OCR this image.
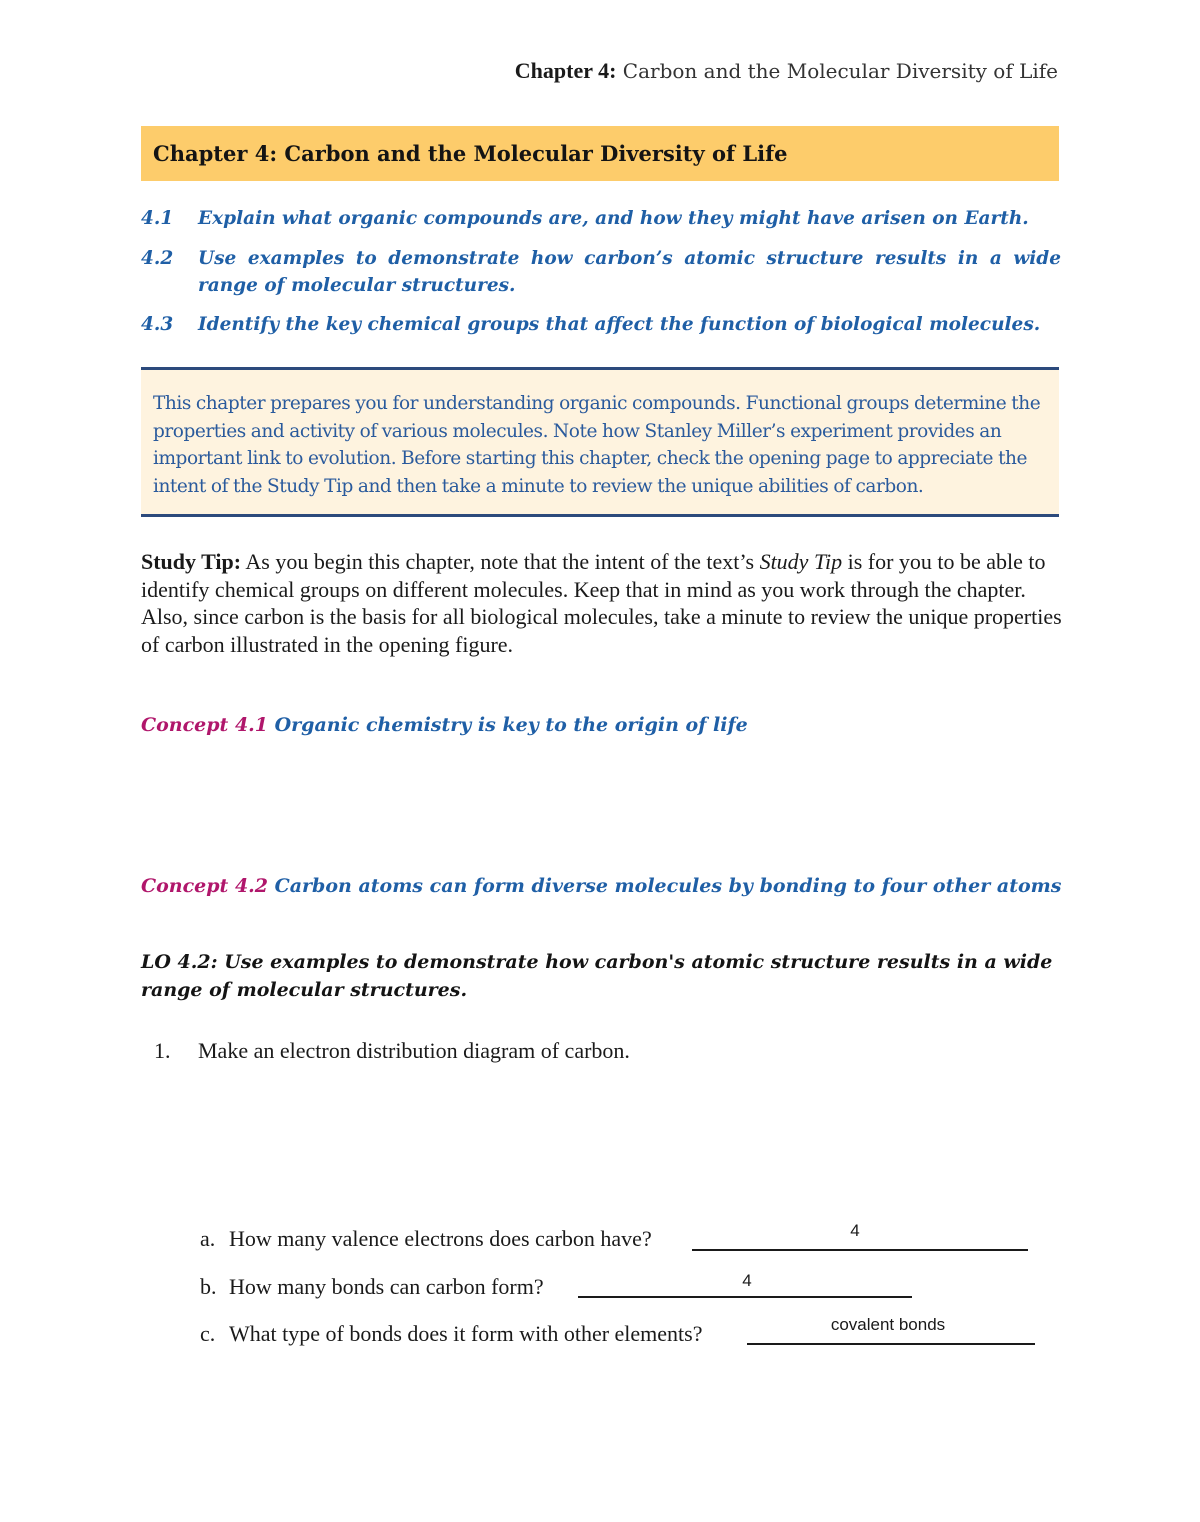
Chapter 4: Carbon and the Molecular Diversity of Life
Chapter 4: Carbon and the Molecular Diversity of Life
4.1 Explain what organic compounds are, and how they might have arisen on Earth.
4.2 Use examples to demonstrate how carbon’s atomic structure results in a wide range of molecular structures.
4.3 Identify the key chemical groups that affect the function of biological molecules.
This chapter prepares you for understanding organic compounds. Functional groups determine the properties and activity of various molecules. Note how Stanley Miller’s experiment provides an important link to evolution. Before starting this chapter, check the opening page to appreciate the intent of the Study Tip and then take a minute to review the unique abilities of carbon.
Study Tip: As you begin this chapter, note that the intent of the text’s Study Tip is for you to be able to identify chemical groups on different molecules. Keep that in mind as you work through the chapter. Also, since carbon is the basis for all biological molecules, take a minute to review the unique properties of carbon illustrated in the opening figure.
Concept 4.1 Organic chemistry is key to the origin of life
Concept 4.2 Carbon atoms can form diverse molecules by bonding to four other atoms
LO 4.2: Use examples to demonstrate how carbon's atomic structure results in a wide range of molecular structures.
1. Make an electron distribution diagram of carbon.
a. How many valence electrons does carbon have?	4
b. How many bonds can carbon form?	4
c. What type of bonds does it form with other elements?	covalent bonds
